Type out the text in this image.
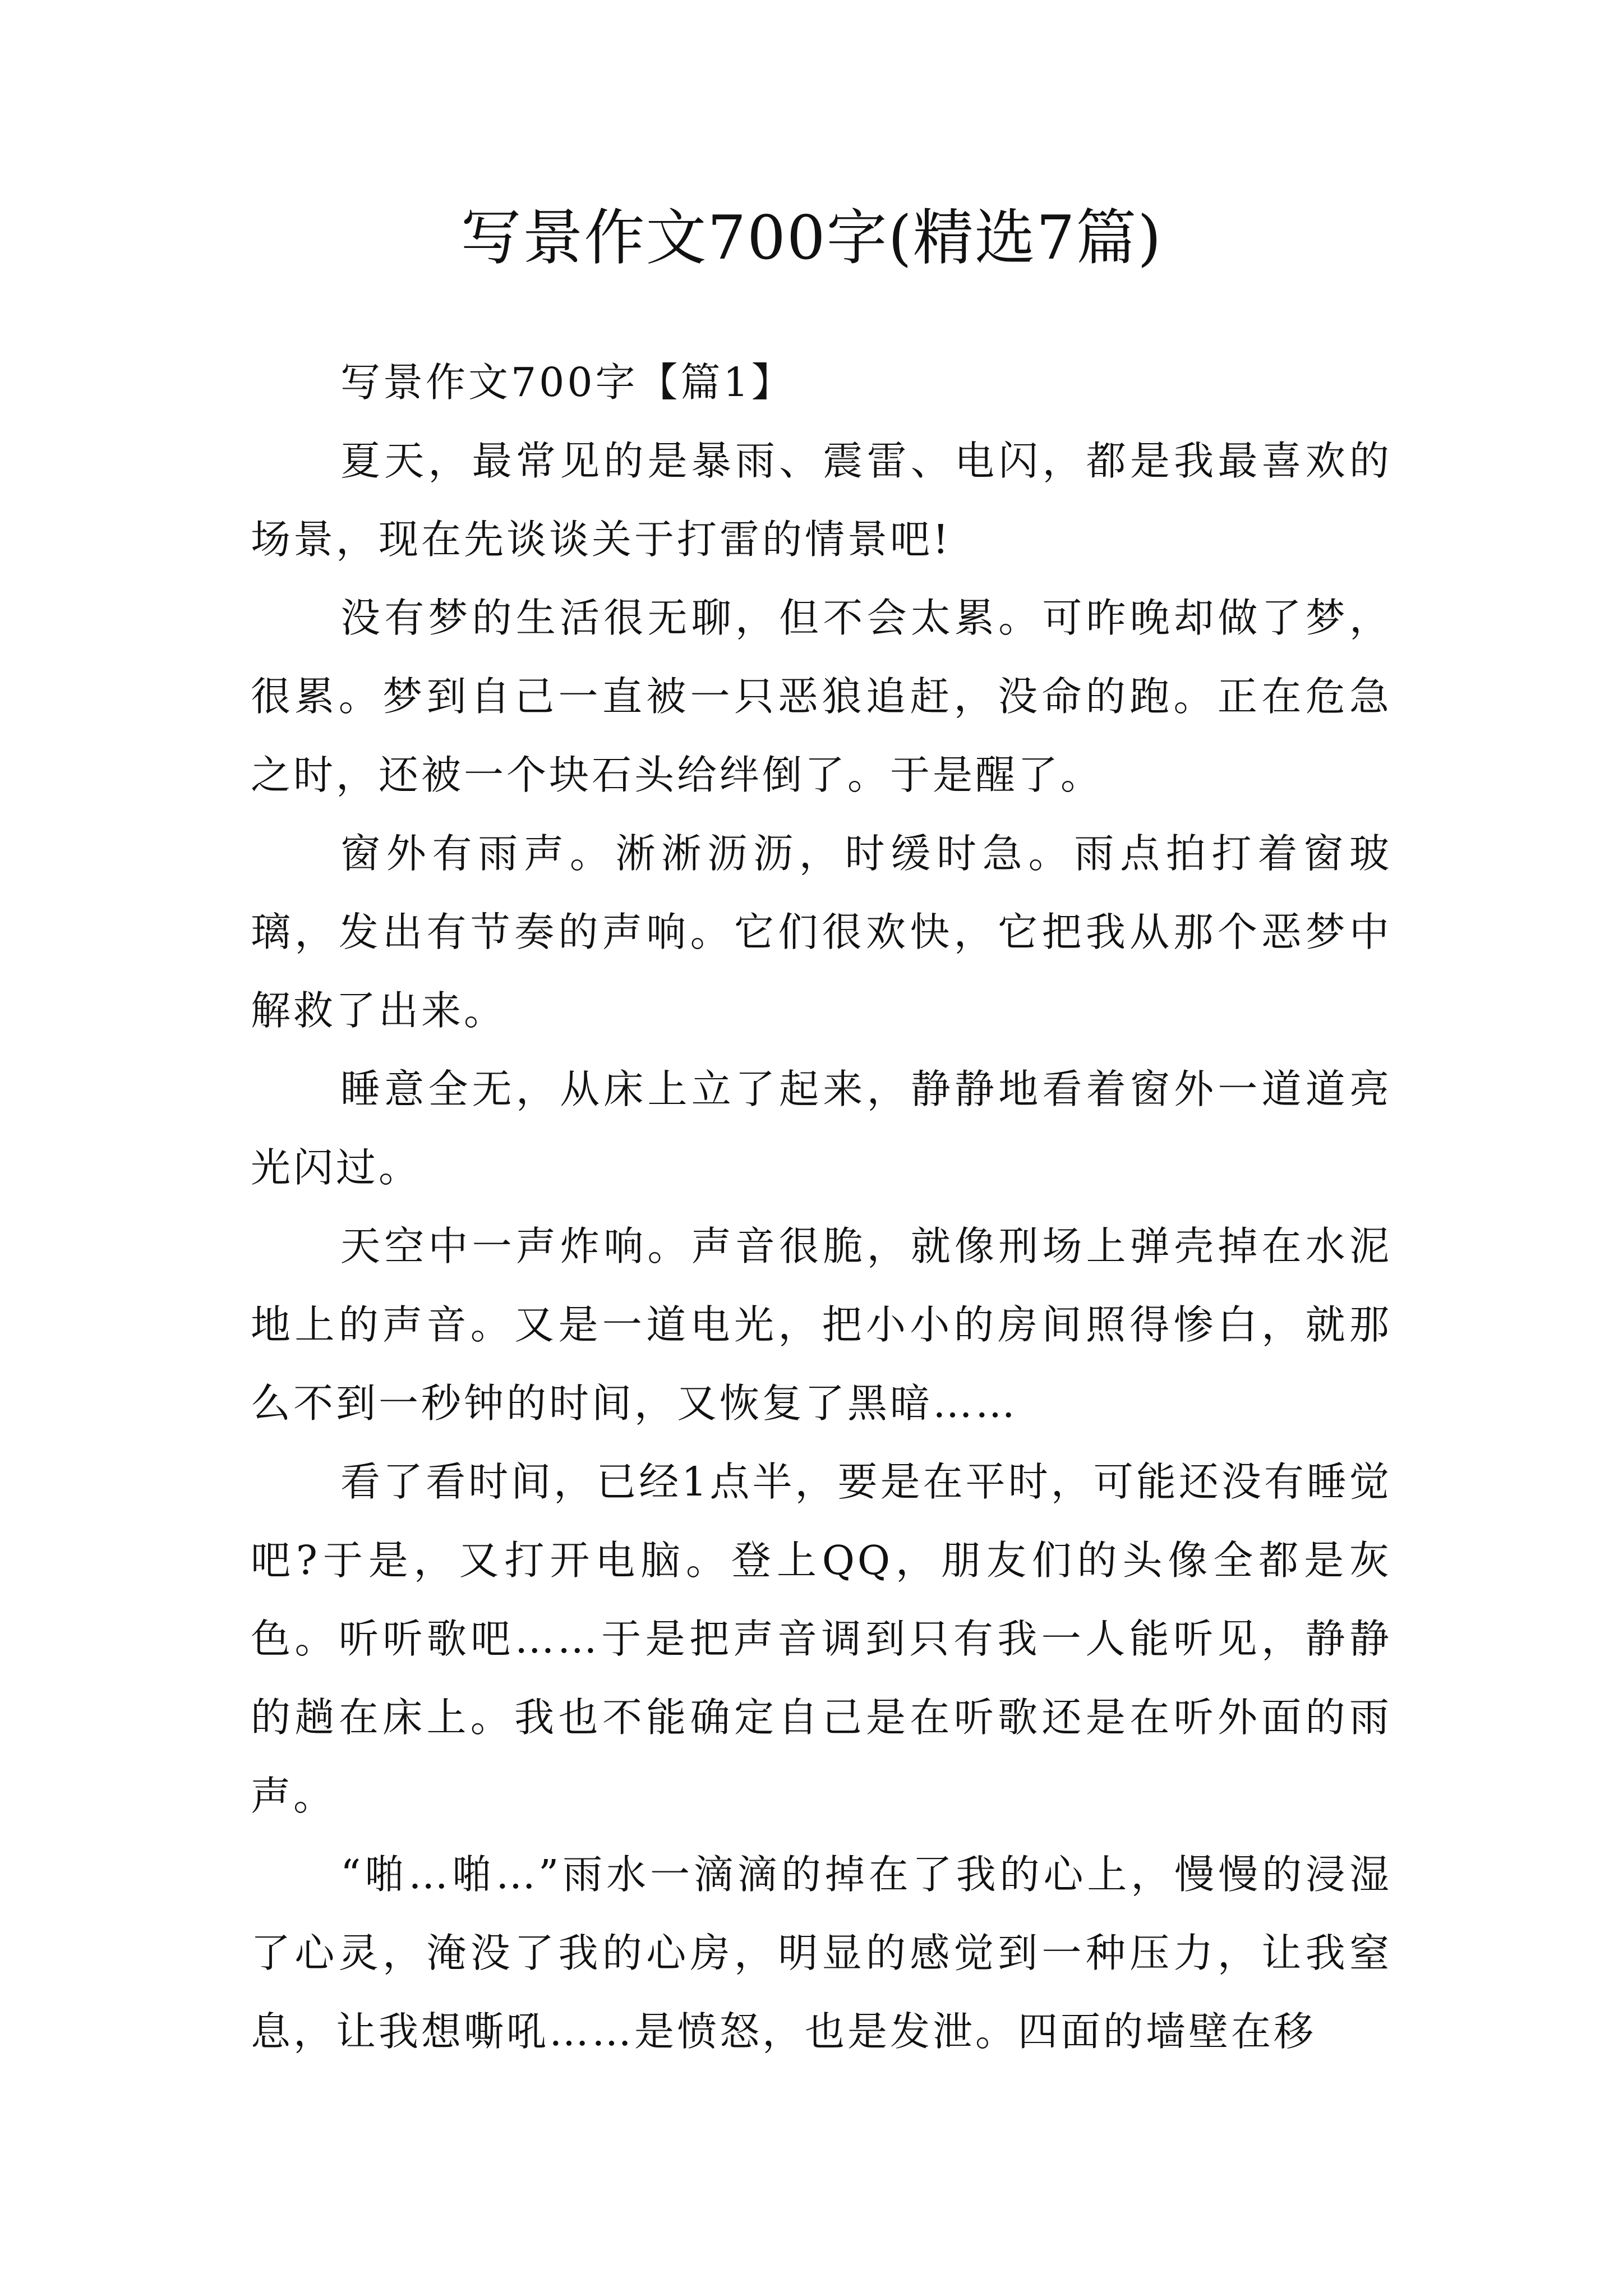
写景作文700字(精选7篇)

写景作文700字【篇1】

夏天，最常见的是暴雨、震雷、电闪，都是我最喜欢的场景，现在先谈谈关于打雷的情景吧!

没有梦的生活很无聊，但不会太累。可昨晚却做了梦，很累。梦到自己一直被一只恶狼追赶，没命的跑。正在危急之时，还被一个块石头给绊倒了。于是醒了。

窗外有雨声。淅淅沥沥，时缓时急。雨点拍打着窗玻璃，发出有节奏的声响。它们很欢快，它把我从那个恶梦中解救了出来。

睡意全无，从床上立了起来，静静地看着窗外一道道亮光闪过。

天空中一声炸响。声音很脆，就像刑场上弹壳掉在水泥地上的声音。又是一道电光，把小小的房间照得惨白，就那么不到一秒钟的时间，又恢复了黑暗……

看了看时间，已经1点半，要是在平时，可能还没有睡觉吧?于是，又打开电脑。登上QQ，朋友们的头像全都是灰色。听听歌吧……于是把声音调到只有我一人能听见，静静的趟在床上。我也不能确定自己是在听歌还是在听外面的雨声。

“啪…啪…”雨水一滴滴的掉在了我的心上，慢慢的浸湿了心灵，淹没了我的心房，明显的感觉到一种压力，让我窒息，让我想嘶吼……是愤怒，也是发泄。四面的墙壁在移
